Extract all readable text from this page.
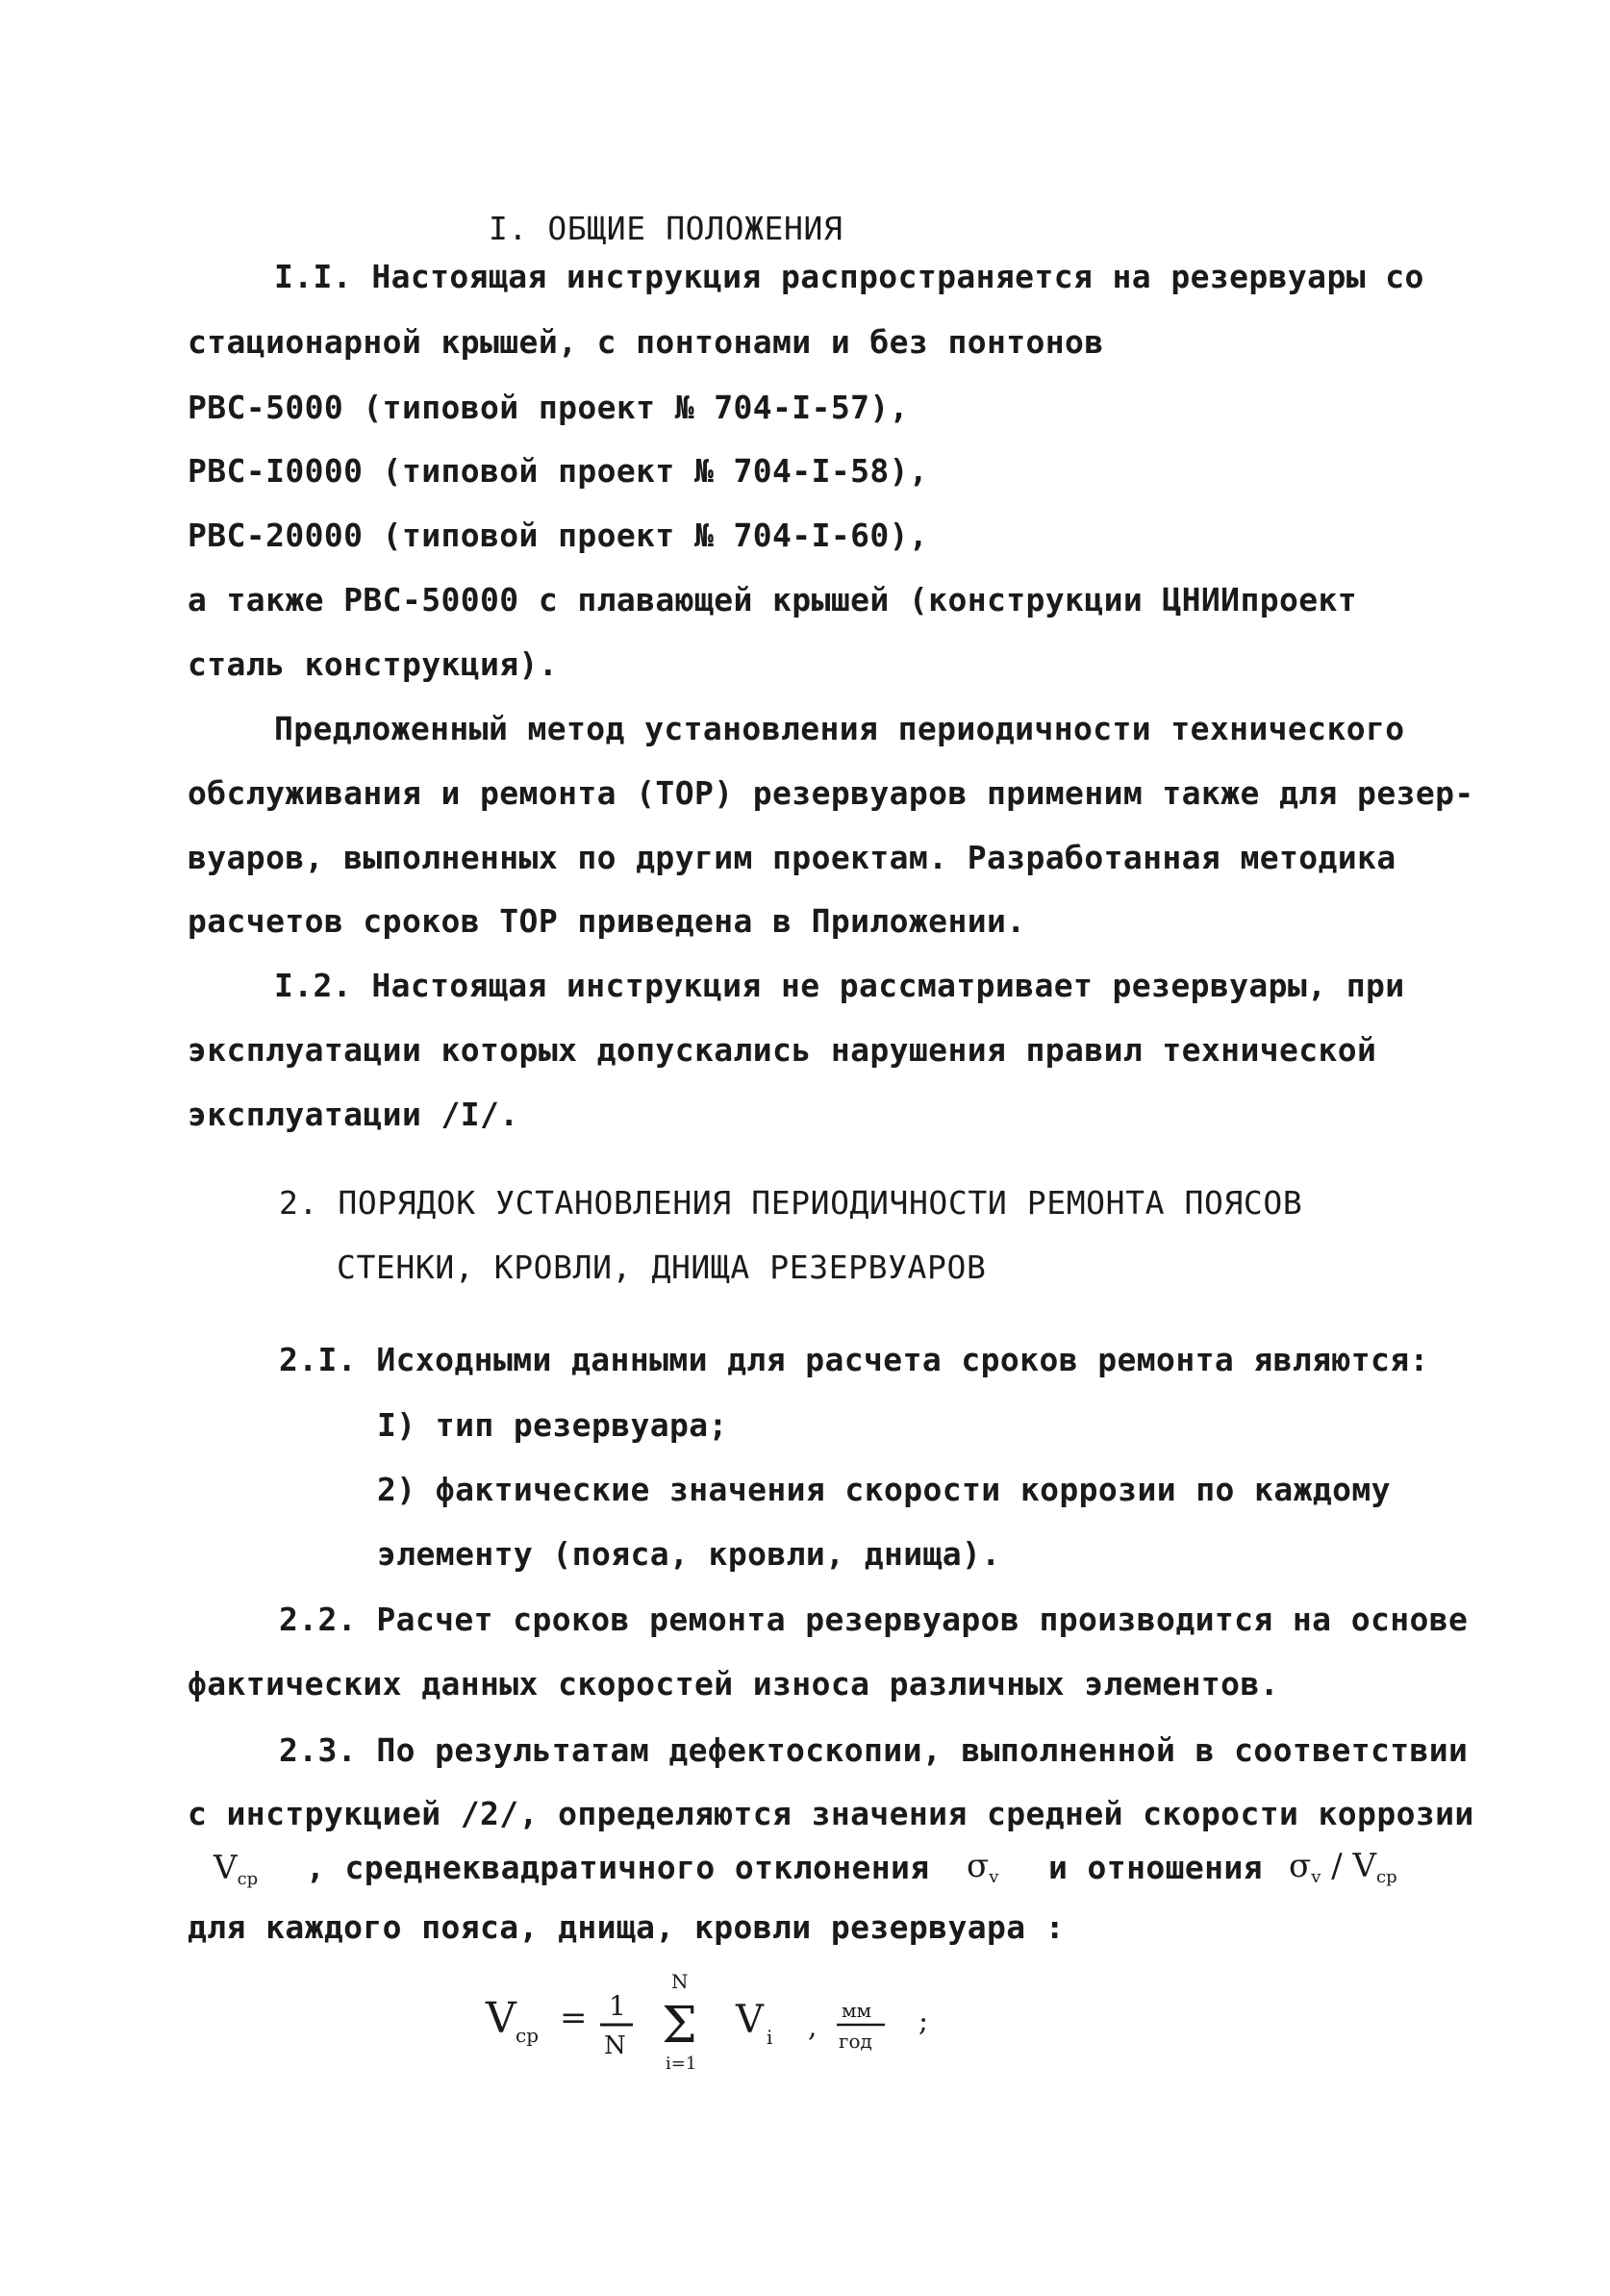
I. ОБЩИЕ ПОЛОЖЕНИЯ
I.I. Настоящая инструкция распространяется на резервуары со
стационарной крышей, с понтонами и без понтонов
РВС-5000 (типовой проект № 704-I-57),
РВС-I0000 (типовой проект № 704-I-58),
РВС-20000 (типовой проект № 704-I-60),
а также РВС-50000 с плавающей крышей (конструкции ЦНИИпроект
сталь конструкция).
Предложенный метод установления периодичности технического
обслуживания и ремонта (ТОР) резервуаров применим также для резер-
вуаров, выполненных по другим проектам. Разработанная методика
расчетов сроков ТОР приведена в Приложении.
I.2. Настоящая инструкция не рассматривает резервуары, при
эксплуатации которых допускались нарушения правил технической
эксплуатации /I/.
2. ПОРЯДОК УСТАНОВЛЕНИЯ ПЕРИОДИЧНОСТИ РЕМОНТА ПОЯСОВ
СТЕНКИ, КРОВЛИ, ДНИЩА РЕЗЕРВУАРОВ
2.I. Исходными данными для расчета сроков ремонта являются:
I) тип резервуара;
2) фактические значения скорости коррозии по каждому
элементу (пояса, кровли, днища).
2.2. Расчет сроков ремонта резервуаров производится на основе
фактических данных скоростей износа различных элементов.
2.3. По результатам дефектоскопии, выполненной в соответствии
с инструкцией /2/, определяются значения средней скорости коррозии
$V_{ср}$ , среднеквадратичного отклонения $\sigma_v$ и отношения $\sigma_v / V_{ср}$
для каждого пояса, днища, кровли резервуара :
V ср = 1
N
N
Σ
i=1
V i , мм
год
;
